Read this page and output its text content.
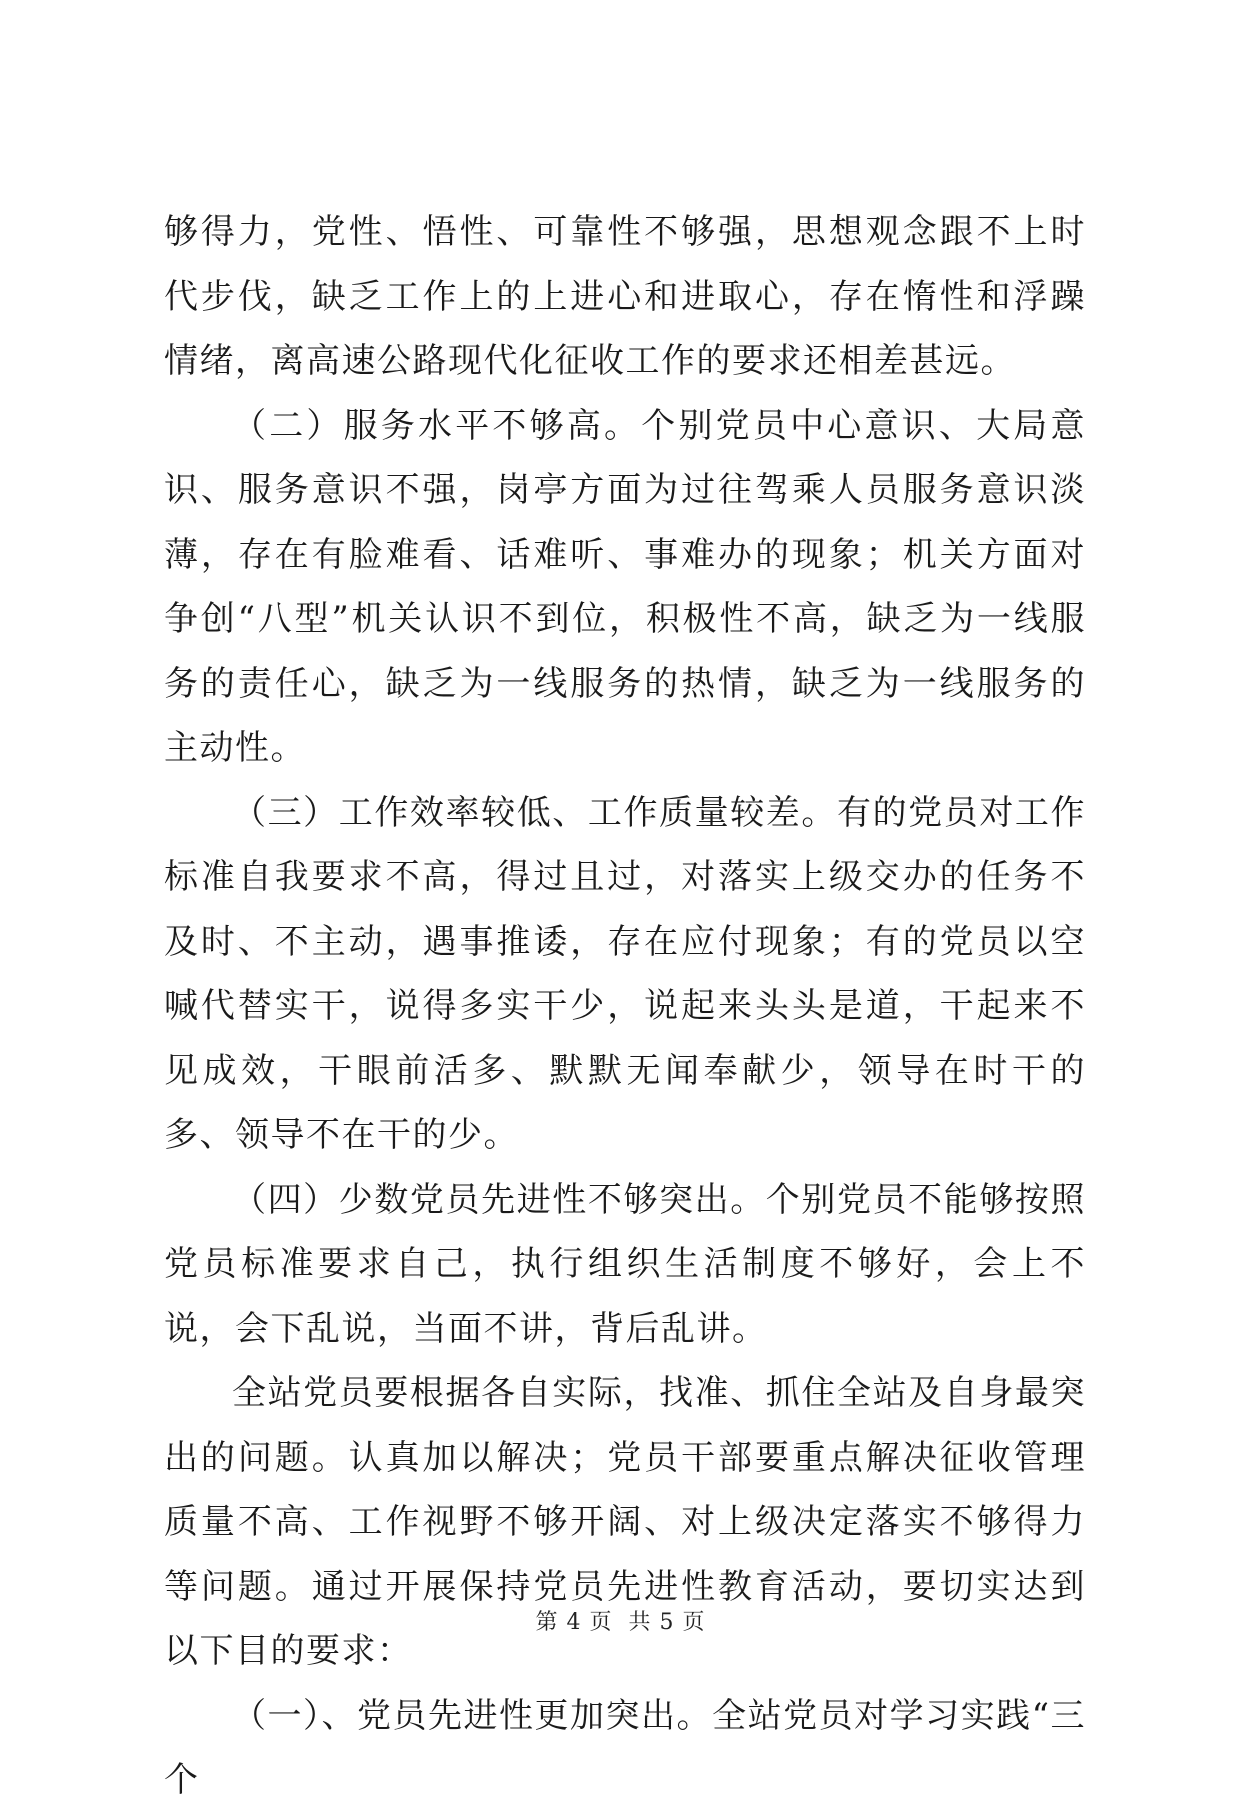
够得力，党性、悟性、可靠性不够强，思想观念跟不上时代步伐，缺乏工作上的上进心和进取心，存在惰性和浮躁情绪，离高速公路现代化征收工作的要求还相差甚远。

（二）服务水平不够高。个别党员中心意识、大局意识、服务意识不强，岗亭方面为过往驾乘人员服务意识淡薄，存在有脸难看、话难听、事难办的现象；机关方面对争创“八型”机关认识不到位，积极性不高，缺乏为一线服务的责任心，缺乏为一线服务的热情，缺乏为一线服务的主动性。

（三）工作效率较低、工作质量较差。有的党员对工作标准自我要求不高，得过且过，对落实上级交办的任务不及时、不主动，遇事推诿，存在应付现象；有的党员以空喊代替实干，说得多实干少，说起来头头是道，干起来不见成效，干眼前活多、默默无闻奉献少，领导在时干的多、领导不在干的少。

（四）少数党员先进性不够突出。个别党员不能够按照党员标准要求自己，执行组织生活制度不够好，会上不说，会下乱说，当面不讲，背后乱讲。

全站党员要根据各自实际，找准、抓住全站及自身最突出的问题。认真加以解决；党员干部要重点解决征收管理质量不高、工作视野不够开阔、对上级决定落实不够得力等问题。通过开展保持党员先进性教育活动，要切实达到以下目的要求：

（一）、党员先进性更加突出。全站党员对学习实践“三个

第 4 页 共 5 页
